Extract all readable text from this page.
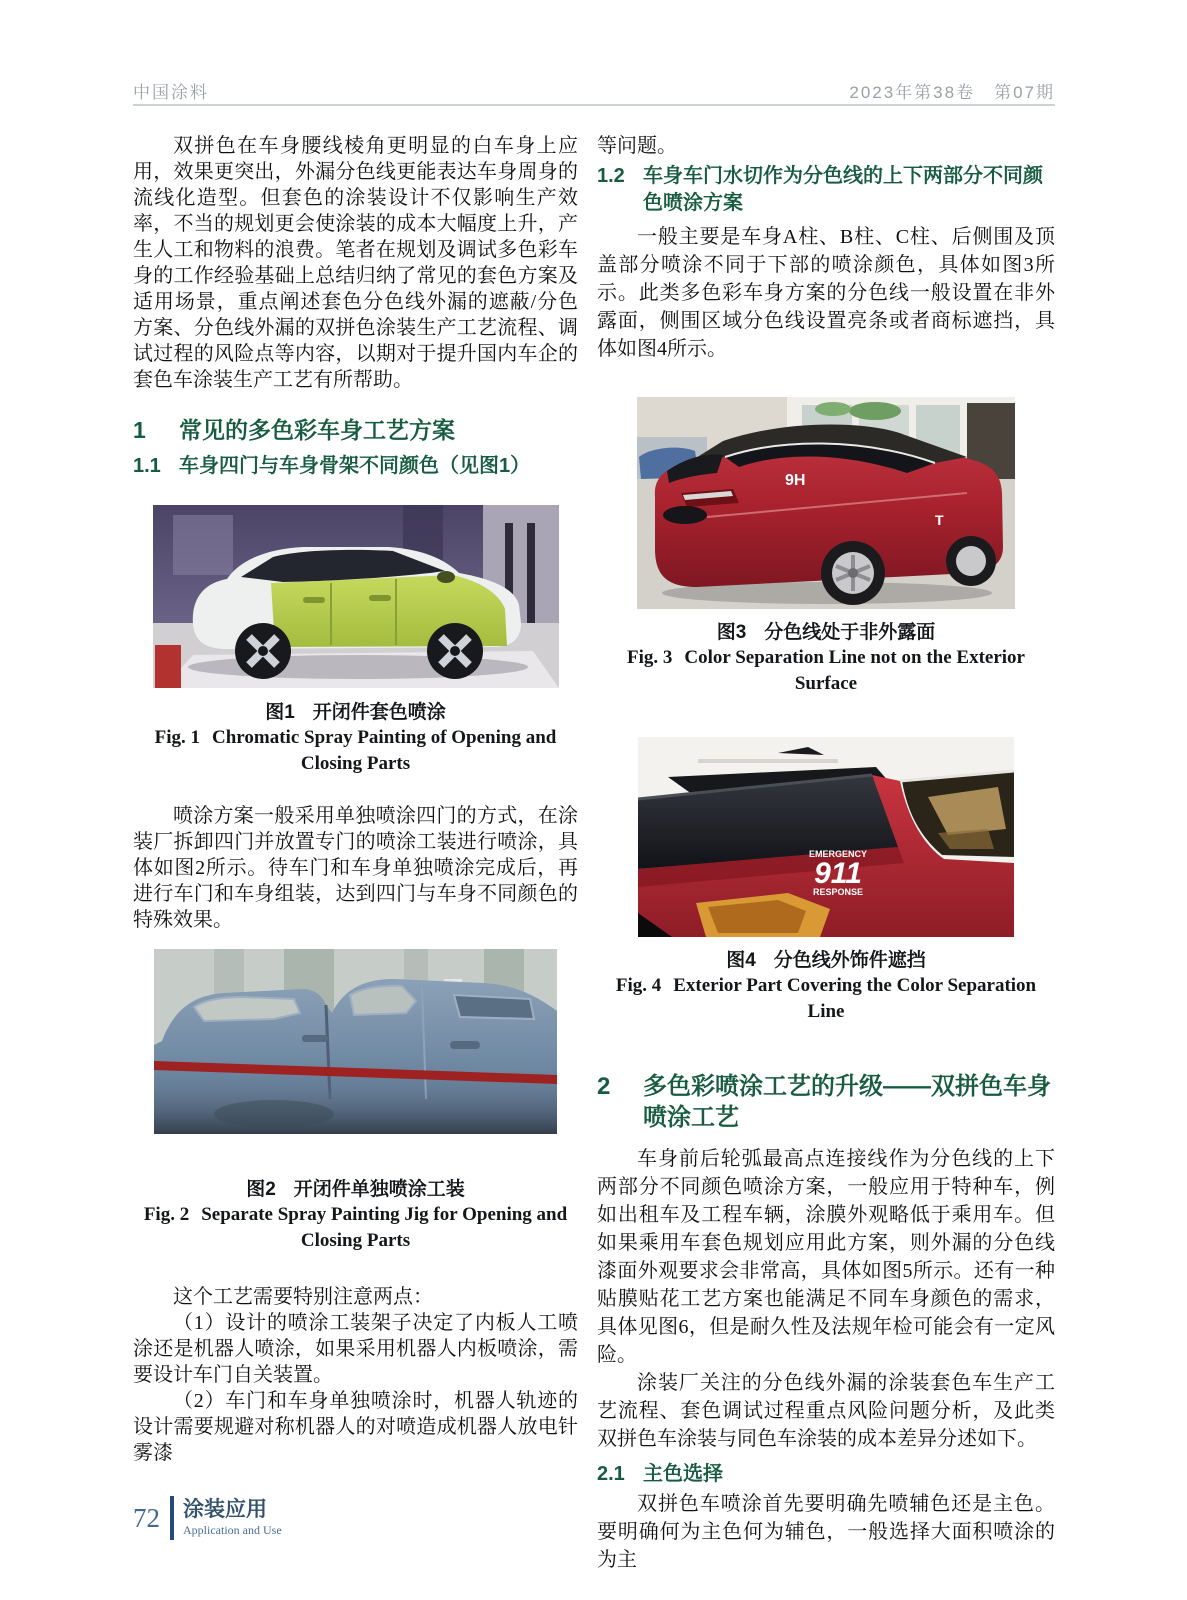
中国涂料	2023年第38卷　第07期

双拼色在车身腰线棱角更明显的白车身上应用，效果更突出，外漏分色线更能表达车身周身的流线化造型。但套色的涂装设计不仅影响生产效率，不当的规划更会使涂装的成本大幅度上升，产生人工和物料的浪费。笔者在规划及调试多色彩车身的工作经验基础上总结归纳了常见的套色方案及适用场景，重点阐述套色分色线外漏的遮蔽/分色方案、分色线外漏的双拼色涂装生产工艺流程、调试过程的风险点等内容，以期对于提升国内车企的套色车涂装生产工艺有所帮助。

1	常见的多色彩车身工艺方案
1.1 车身四门与车身骨架不同颜色（见图1）
图1 开闭件套色喷涂
Fig. 1 Chromatic Spray Painting of Opening and Closing Parts

喷涂方案一般采用单独喷涂四门的方式，在涂装厂拆卸四门并放置专门的喷涂工装进行喷涂，具体如图2所示。待车门和车身单独喷涂完成后，再进行车门和车身组装，达到四门与车身不同颜色的特殊效果。

图2 开闭件单独喷涂工装
Fig. 2 Separate Spray Painting Jig for Opening and Closing Parts

这个工艺需要特别注意两点：

（1）设计的喷涂工装架子决定了内板人工喷涂还是机器人喷涂，如果采用机器人内板喷涂，需要设计车门自关装置。

（2）车门和车身单独喷涂时，机器人轨迹的设计需要规避对称机器人的对喷造成机器人放电针雾漆

等问题。

1.2 车身车门水切作为分色线的上下两部分不同颜色喷涂方案

一般主要是车身A柱、B柱、C柱、后侧围及顶盖部分喷涂不同于下部的喷涂颜色，具体如图3所示。此类多色彩车身方案的分色线一般设置在非外露面，侧围区域分色线设置亮条或者商标遮挡，具体如图4所示。

9H
T
图3 分色线处于非外露面
Fig. 3 Color Separation Line not on the Exterior Surface
EMERGENCY
911
RESPONSE
图4 分色线外饰件遮挡
Fig. 4 Exterior Part Covering the Color Separation Line
2	多色彩喷涂工艺的升级——双拼色车身喷涂工艺

车身前后轮弧最高点连接线作为分色线的上下两部分不同颜色喷涂方案，一般应用于特种车，例如出租车及工程车辆，涂膜外观略低于乘用车。但如果乘用车套色规划应用此方案，则外漏的分色线漆面外观要求会非常高，具体如图5所示。还有一种贴膜贴花工艺方案也能满足不同车身颜色的需求，具体见图6，但是耐久性及法规年检可能会有一定风险。

涂装厂关注的分色线外漏的涂装套色车生产工艺流程、套色调试过程重点风险问题分析，及此类双拼色车涂装与同色车涂装的成本差异分述如下。

2.1 主色选择

双拼色车喷涂首先要明确先喷辅色还是主色。要明确何为主色何为辅色，一般选择大面积喷涂的为主

72 涂装应用
Application and Use
